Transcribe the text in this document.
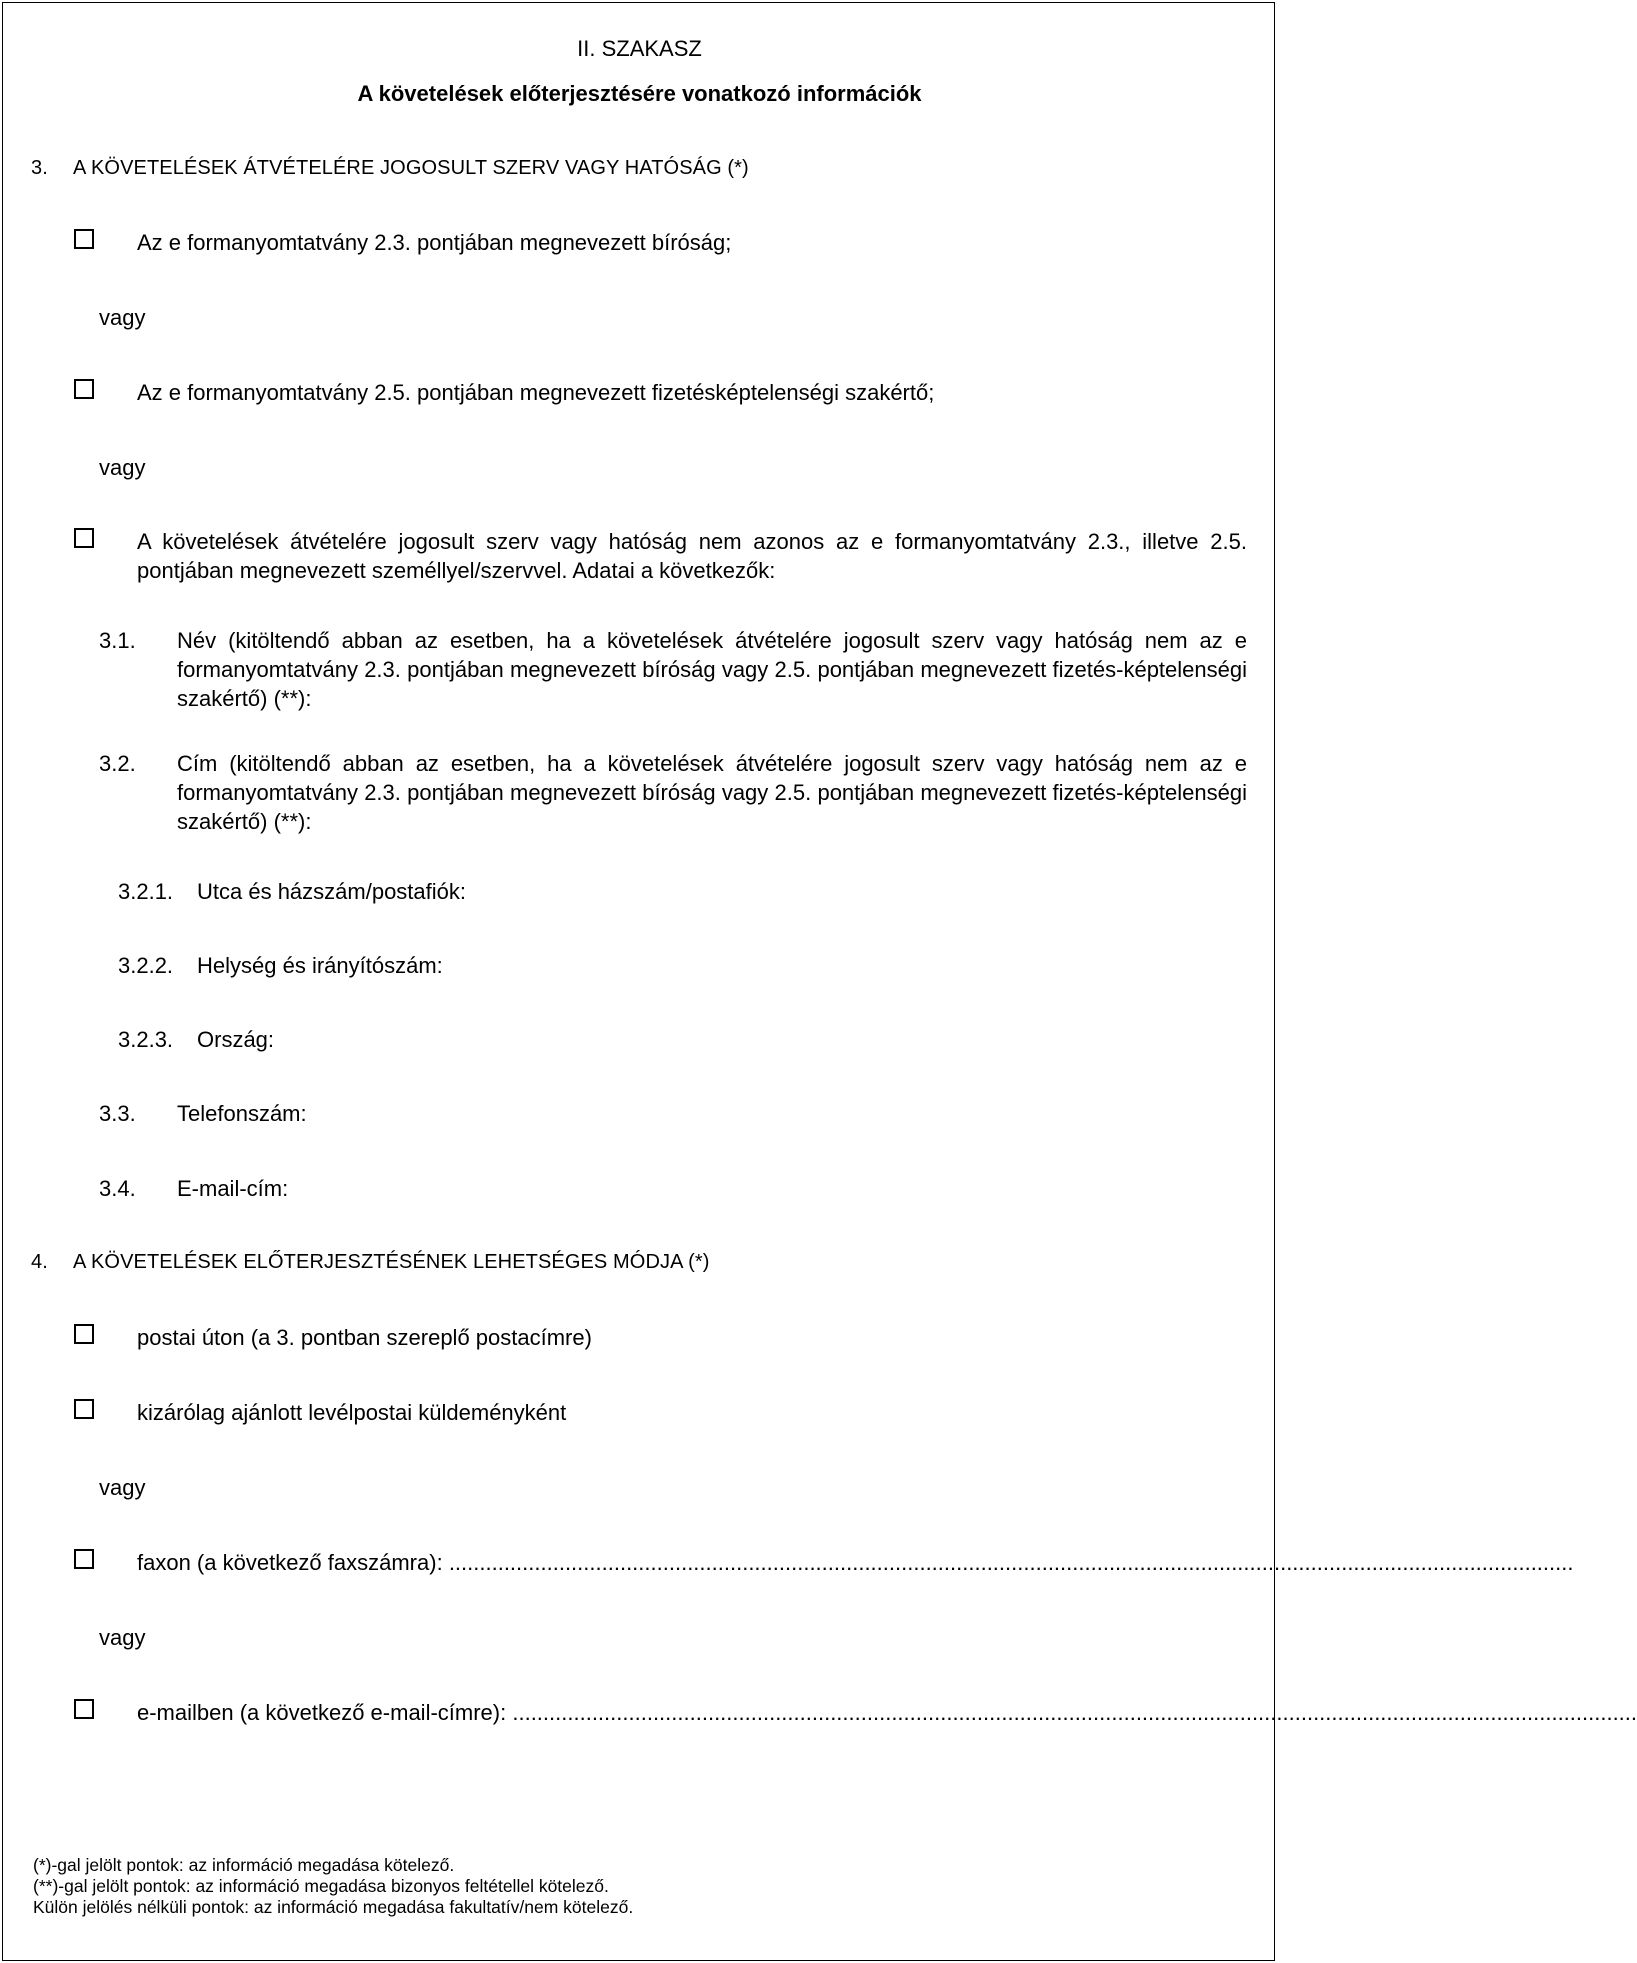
II. SZAKASZ
A követelések előterjesztésére vonatkozó információk
3. A KÖVETELÉSEK ÁTVÉTELÉRE JOGOSULT SZERV VAGY HATÓSÁG (*)
Az e formanyomtatvány 2.3. pontjában megnevezett bíróság;
vagy
Az e formanyomtatvány 2.5. pontjában megnevezett fizetésképtelenségi szakértő;
vagy
A követelések átvételére jogosult szerv vagy hatóság nem azonos az e formanyomtatvány 2.3., illetve 2.5. pontjában megnevezett személlyel/szervvel. Adatai a következők:
3.1. Név (kitöltendő abban az esetben, ha a követelések átvételére jogosult szerv vagy hatóság nem az e formanyomtatvány 2.3. pontjában megnevezett bíróság vagy 2.5. pontjában megnevezett fizetés-képtelenségi szakértő) (**):
3.2. Cím (kitöltendő abban az esetben, ha a követelések átvételére jogosult szerv vagy hatóság nem az e formanyomtatvány 2.3. pontjában megnevezett bíróság vagy 2.5. pontjában megnevezett fizetés-képtelenségi szakértő) (**):
3.2.1. Utca és házszám/postafiók:
3.2.2. Helység és irányítószám:
3.2.3. Ország:
3.3. Telefonszám:
3.4. E-mail-cím:
4. A KÖVETELÉSEK ELŐTERJESZTÉSÉNEK LEHETSÉGES MÓDJA (*)
postai úton (a 3. pontban szereplő postacímre)
kizárólag ajánlott levélpostai küldeményként
vagy
faxon (a következő faxszámra): ........................................................................................................................................................................................
vagy
e-mailben (a következő e-mail-címre): ........................................................................................................................................................................................
(*)-gal jelölt pontok: az információ megadása kötelező.
(**)-gal jelölt pontok: az információ megadása bizonyos feltétellel kötelező.
Külön jelölés nélküli pontok: az információ megadása fakultatív/nem kötelező.
